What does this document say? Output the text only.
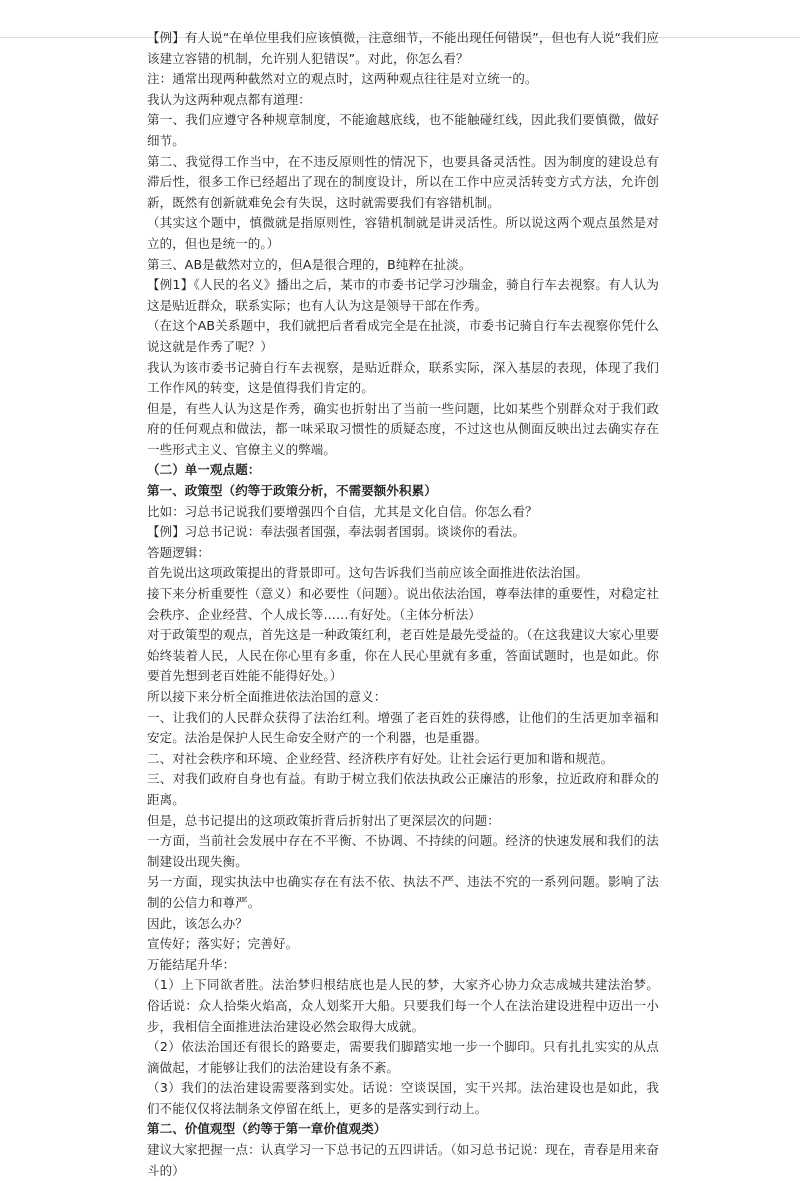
【例】有人说“在单位里我们应该慎微，注意细节，不能出现任何错误”，但也有人说“我们应该建立容错的机制，允许别人犯错误”。对此，你怎么看？

注：通常出现两种截然对立的观点时，这两种观点往往是对立统一的。

我认为这两种观点都有道理：

第一、我们应遵守各种规章制度，不能逾越底线，也不能触碰红线，因此我们要慎微，做好细节。

第二、我觉得工作当中，在不违反原则性的情况下，也要具备灵活性。因为制度的建设总有滞后性，很多工作已经超出了现在的制度设计，所以在工作中应灵活转变方式方法，允许创新，既然有创新就难免会有失误，这时就需要我们有容错机制。

（其实这个题中，慎微就是指原则性，容错机制就是讲灵活性。所以说这两个观点虽然是对立的，但也是统一的。）

第三、AB是截然对立的，但A是很合理的，B纯粹在扯淡。

【例1】《人民的名义》播出之后，某市的市委书记学习沙瑞金，骑自行车去视察。有人认为这是贴近群众，联系实际；也有人认为这是领导干部在作秀。

（在这个AB关系题中，我们就把后者看成完全是在扯淡，市委书记骑自行车去视察你凭什么说这就是作秀了呢？）

我认为该市委书记骑自行车去视察，是贴近群众，联系实际，深入基层的表现，体现了我们工作作风的转变，这是值得我们肯定的。

但是，有些人认为这是作秀，确实也折射出了当前一些问题，比如某些个别群众对于我们政府的任何观点和做法，都一味采取习惯性的质疑态度，不过这也从侧面反映出过去确实存在一些形式主义、官僚主义的弊端。

（二）单一观点题：

第一、政策型（约等于政策分析，不需要额外积累）

比如：习总书记说我们要增强四个自信，尤其是文化自信。你怎么看？

【例】习总书记说：奉法强者国强，奉法弱者国弱。谈谈你的看法。

答题逻辑：

首先说出这项政策提出的背景即可。这句告诉我们当前应该全面推进依法治国。

接下来分析重要性（意义）和必要性（问题）。说出依法治国，尊奉法律的重要性，对稳定社会秩序、企业经营、个人成长等……有好处。（主体分析法）

对于政策型的观点，首先这是一种政策红利，老百姓是最先受益的。（在这我建议大家心里要始终装着人民，人民在你心里有多重，你在人民心里就有多重，答面试题时，也是如此。你要首先想到老百姓能不能得好处。）

所以接下来分析全面推进依法治国的意义：

一、让我们的人民群众获得了法治红利。增强了老百姓的获得感，让他们的生活更加幸福和安定。法治是保护人民生命安全财产的一个利器，也是重器。

二、对社会秩序和环境、企业经营、经济秩序有好处。让社会运行更加和谐和规范。

三、对我们政府自身也有益。有助于树立我们依法执政公正廉洁的形象，拉近政府和群众的距离。

但是，总书记提出的这项政策折背后折射出了更深层次的问题：

一方面，当前社会发展中存在不平衡、不协调、不持续的问题。经济的快速发展和我们的法制建设出现失衡。

另一方面，现实执法中也确实存在有法不依、执法不严、违法不究的一系列问题。影响了法制的公信力和尊严。

因此，该怎么办？

宣传好；落实好；完善好。

万能结尾升华：

（1）上下同欲者胜。法治梦归根结底也是人民的梦，大家齐心协力众志成城共建法治梦。俗话说：众人拾柴火焰高，众人划桨开大船。只要我们每一个人在法治建设进程中迈出一小步，我相信全面推进法治建设必然会取得大成就。

（2）依法治国还有很长的路要走，需要我们脚踏实地一步一个脚印。只有扎扎实实的从点滴做起，才能够让我们的法治建设有条不紊。

（3）我们的法治建设需要落到实处。话说：空谈误国，实干兴邦。法治建设也是如此，我们不能仅仅将法制条文停留在纸上，更多的是落实到行动上。

第二、价值观型（约等于第一章价值观类）

建议大家把握一点：认真学习一下总书记的五四讲话。（如习总书记说：现在，青春是用来奋斗的）
